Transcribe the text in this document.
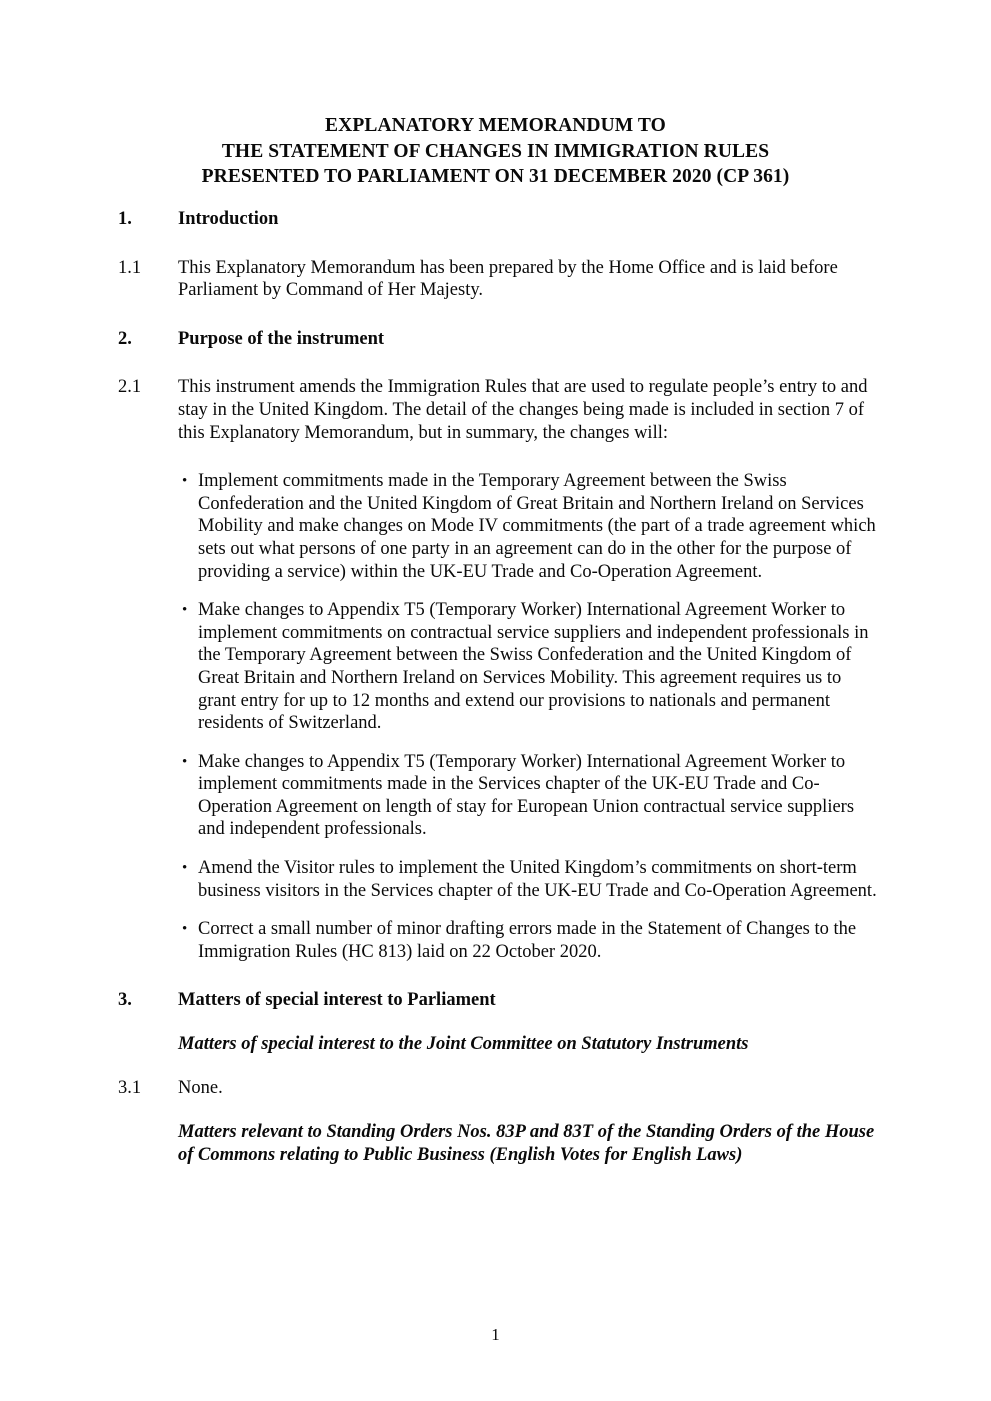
EXPLANATORY MEMORANDUM TO
THE STATEMENT OF CHANGES IN IMMIGRATION RULES
PRESENTED TO PARLIAMENT ON 31 DECEMBER 2020 (CP 361)
1.	Introduction
1.1	This Explanatory Memorandum has been prepared by the Home Office and is laid before Parliament by Command of Her Majesty.
2.	Purpose of the instrument
2.1	This instrument amends the Immigration Rules that are used to regulate people’s entry to and stay in the United Kingdom. The detail of the changes being made is included in section 7 of this Explanatory Memorandum, but in summary, the changes will:
• Implement commitments made in the Temporary Agreement between the Swiss Confederation and the United Kingdom of Great Britain and Northern Ireland on Services Mobility and make changes on Mode IV commitments (the part of a trade agreement which sets out what persons of one party in an agreement can do in the other for the purpose of providing a service) within the UK-EU Trade and Co-Operation Agreement.
• Make changes to Appendix T5 (Temporary Worker) International Agreement Worker to implement commitments on contractual service suppliers and independent professionals in the Temporary Agreement between the Swiss Confederation and the United Kingdom of Great Britain and Northern Ireland on Services Mobility. This agreement requires us to grant entry for up to 12 months and extend our provisions to nationals and permanent residents of Switzerland.
• Make changes to Appendix T5 (Temporary Worker) International Agreement Worker to implement commitments made in the Services chapter of the UK-EU Trade and Co-Operation Agreement on length of stay for European Union contractual service suppliers and independent professionals.
• Amend the Visitor rules to implement the United Kingdom’s commitments on short-term business visitors in the Services chapter of the UK-EU Trade and Co-Operation Agreement.
• Correct a small number of minor drafting errors made in the Statement of Changes to the Immigration Rules (HC 813) laid on 22 October 2020.
3.	Matters of special interest to Parliament
Matters of special interest to the Joint Committee on Statutory Instruments
3.1	None.
Matters relevant to Standing Orders Nos. 83P and 83T of the Standing Orders of the House of Commons relating to Public Business (English Votes for English Laws)
1
